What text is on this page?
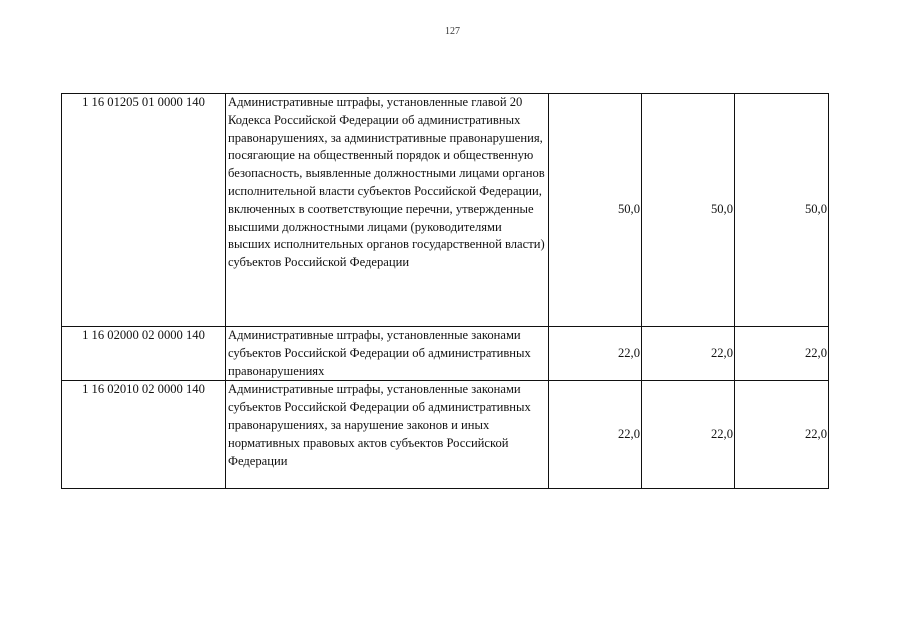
127
1 16 01205 01 0000 140	Административные штрафы, установленные главой 20 Кодекса Российской Федерации об административных правонарушениях, за административные правонарушения, посягающие на общественный порядок и общественную безопасность, выявленные должностными лицами органов исполнительной власти субъектов Российской Федерации, включенных в соответствующие перечни, утвержденные высшими должностными лицами (руководителями высших исполнительных органов государственной власти) субъектов Российской Федерации	50,0	50,0	50,0
1 16 02000 02 0000 140	Административные штрафы, установленные законами субъектов Российской Федерации об административных правонарушениях	22,0	22,0	22,0
1 16 02010 02 0000 140	Административные штрафы, установленные законами субъектов Российской Федерации об административных правонарушениях, за нарушение законов и иных нормативных правовых актов субъектов Российской Федерации	22,0	22,0	22,0
